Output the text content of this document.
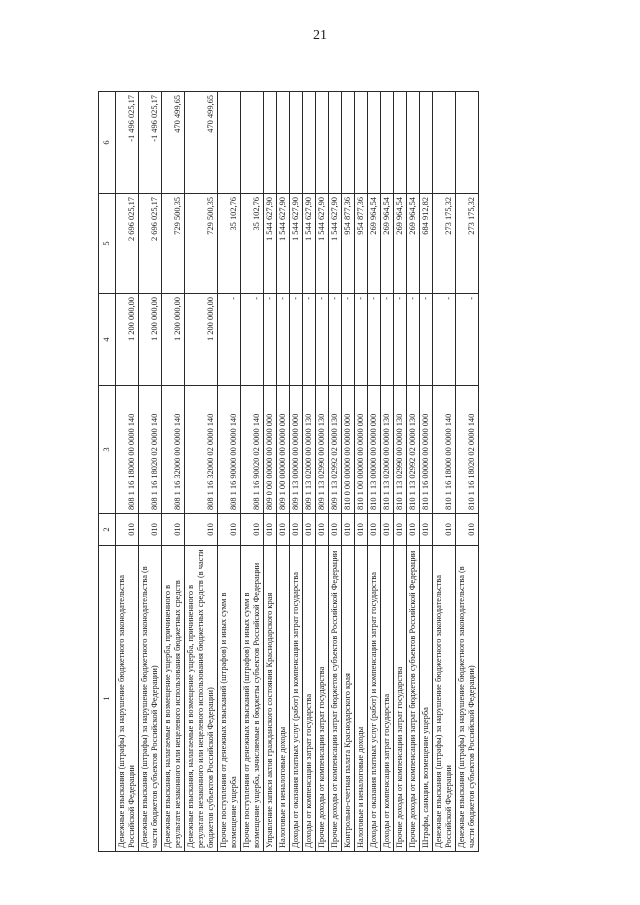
21
1	2	3	4	5	6
Денежные взыскания (штрафы) за нарушение бюджетного законодательства Российской Федерации	010	808 1 16 18000 00 0000 140	1 200 000,00	2 696 025,17	-1 496 025,17
Денежные взыскания (штрафы) за нарушение бюджетного законодательства (в части бюджетов субъектов Российской Федерации)	010	808 1 16 18020 02 0000 140	1 200 000,00	2 696 025,17	-1 496 025,17
Денежные взыскания, налагаемые в возмещение ущерба, причиненного в результате незаконного или нецелевого использования бюджетных средств	010	808 1 16 32000 00 0000 140	1 200 000,00	729 500,35	470 499,65
Денежные взыскания, налагаемые в возмещение ущерба, причиненного в результате незаконного или нецелевого использования бюджетных средств (в части бюджетов субъектов Российской Федерации)	010	808 1 16 32000 02 0000 140	1 200 000,00	729 500,35	470 499,65
Прочие поступления от денежных взысканий (штрафов) и иных сумм в возмещение ущерба	010	808 1 16 90000 00 0000 140	-	35 102,76	
Прочие поступления от денежных взысканий (штрафов) и иных сумм в возмещение ущерба, зачисляемые в бюджеты субъектов Российской Федерации	010	808 1 16 90020 02 0000 140	-	35 102,76	
Управление записи актов гражданского состояния Краснодарского края	010	809 0 00 00000 00 0000 000	-	1 544 627,90	
Налоговые и неналоговые доходы	010	809 1 00 00000 00 0000 000	-	1 544 627,90	
Доходы от оказания платных услуг (работ) и компенсации затрат государства	010	809 1 13 00000 00 0000 000	-	1 544 627,90	
Доходы от компенсации затрат государства	010	809 1 13 02000 00 0000 130	-	1 544 627,90	
Прочие доходы от компенсации затрат государства	010	809 1 13 02990 00 0000 130	-	1 544 627,90	
Прочие доходы от компенсации затрат бюджетов субъектов Российской Федерации	010	809 1 13 02992 02 0000 130	-	1 544 627,90	
Контрольно-счетная палата Краснодарского края	010	810 0 00 00000 00 0000 000	-	954 877,36	
Налоговые и неналоговые доходы	010	810 1 00 00000 00 0000 000	-	954 877,36	
Доходы от оказания платных услуг (работ) и компенсации затрат государства	010	810 1 13 00000 00 0000 000	-	269 964,54	
Доходы от компенсации затрат государства	010	810 1 13 02000 00 0000 130	-	269 964,54	
Прочие доходы от компенсации затрат государства	010	810 1 13 02990 00 0000 130	-	269 964,54	
Прочие доходы от компенсации затрат бюджетов субъектов Российской Федерации	010	810 1 13 02992 02 0000 130	-	269 964,54	
Штрафы, санкции, возмещение ущерба	010	810 1 16 00000 00 0000 000	-	684 912,82	
Денежные взыскания (штрафы) за нарушение бюджетного законодательства Российской Федерации	010	810 1 16 18000 00 0000 140	-	273 175,32	
Денежные взыскания (штрафы) за нарушение бюджетного законодательства (в части бюджетов субъектов Российской Федерации)	010	810 1 16 18020 02 0000 140	-	273 175,32	
